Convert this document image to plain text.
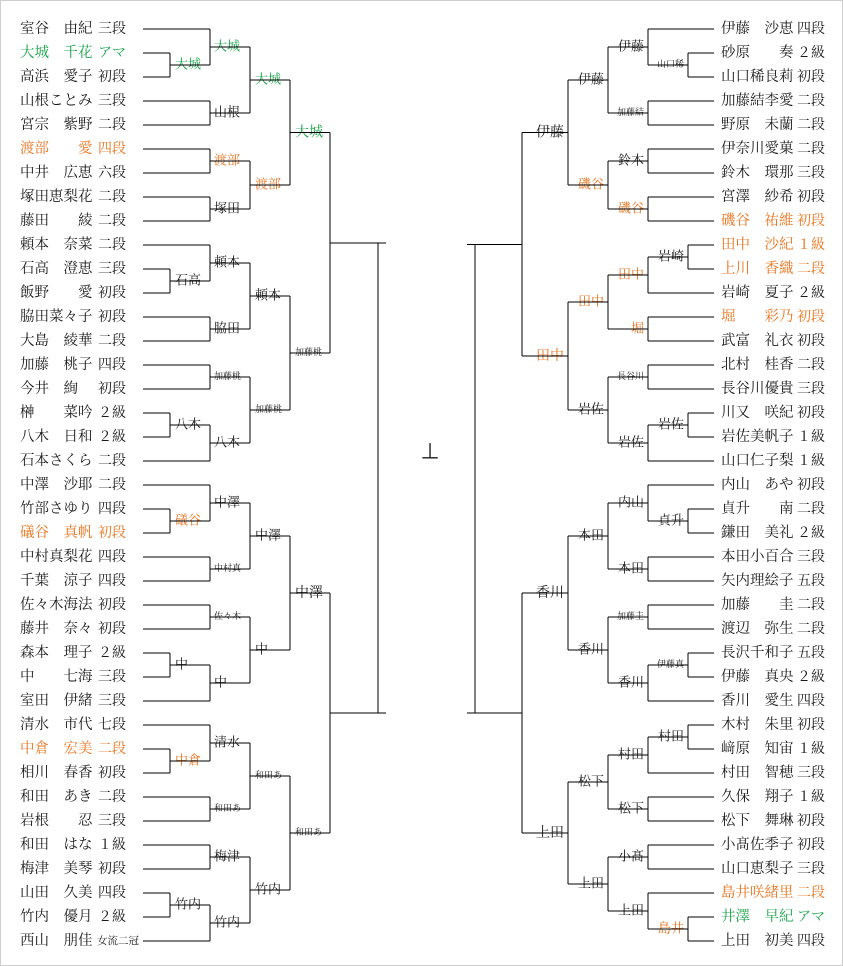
室谷　由紀 三段
大城　千花 アマ
高浜　愛子 初段
山根ことみ 三段
宮宗　紫野 二段
渡部　　愛 四段
中井　広恵 六段
塚田恵梨花 二段
藤田　　綾 二段
頼本　奈菜 二段
石高　澄恵 三段
飯野　　愛 初段
脇田菜々子 初段
大島　綾華 二段
加藤　桃子 四段
今井　絢 初段
榊　　菜吟 ２級
八木　日和 ２級
石本さくら 二段
中澤　沙耶 二段
竹部さゆり 四段
礒谷　真帆 初段
中村真梨花 四段
千葉　涼子 四段
佐々木海法 初段
藤井　奈々 初段
森本　理子 ２級
中　　七海 三段
室田　伊緒 三段
清水　市代 七段
中倉　宏美 二段
相川　春香 初段
和田　あき 二段
岩根　　忍 三段
和田　はな １級
梅津　美琴 初段
山田　久美 四段
竹内　優月 ２級
西山　朋佳 女流二冠
大城
大城
山根
大城
渡部
塚田
渡部
大城
石高
頼本
脇田
頼本
加藤桃
八木
八木
加藤桃
加藤桃
礒谷
中澤
中村真
中澤
佐々木
中
中
中
中澤
中倉
清水
和田あ
和田あ
梅津
竹内
竹内
竹内
和田あ
伊藤　沙恵 四段
砂原　　奏 ２級
山口稀良莉 初段
加藤結李愛 二段
野原　未蘭 二段
伊奈川愛菓 二段
鈴木　環那 三段
宮澤　紗希 初段
磯谷　祐維 初段
田中　沙紀 １級
上川　香織 二段
岩崎　夏子 ２級
堀　　彩乃 初段
武富　礼衣 初段
北村　桂香 二段
長谷川優貴 三段
川又　咲紀 初段
岩佐美帆子 １級
山口仁子梨 １級
内山　あや 初段
貞升　　南 二段
鎌田　美礼 ２級
本田小百合 三段
矢内理絵子 五段
加藤　　圭 二段
渡辺　弥生 二段
長沢千和子 五段
伊藤　真央 ２級
香川　愛生 四段
木村　朱里 初段
﨑原　知宙 １級
村田　智穂 三段
久保　翔子 １級
松下　舞琳 初段
小髙佐季子 初段
山口恵梨子 三段
島井咲緒里 二段
井澤　早紀 アマ
上田　初美 四段
山口稀
伊藤
加藤結
伊藤
鈴木
磯谷
磯谷
伊藤
岩崎
田中
堀
田中
長谷川
岩佐
岩佐
岩佐
田中
貞升
内山
本田
本田
加藤圭
伊藤真
香川
香川
香川
村田
村田
松下
松下
小髙
島井
上田
上田
上田
⊥
